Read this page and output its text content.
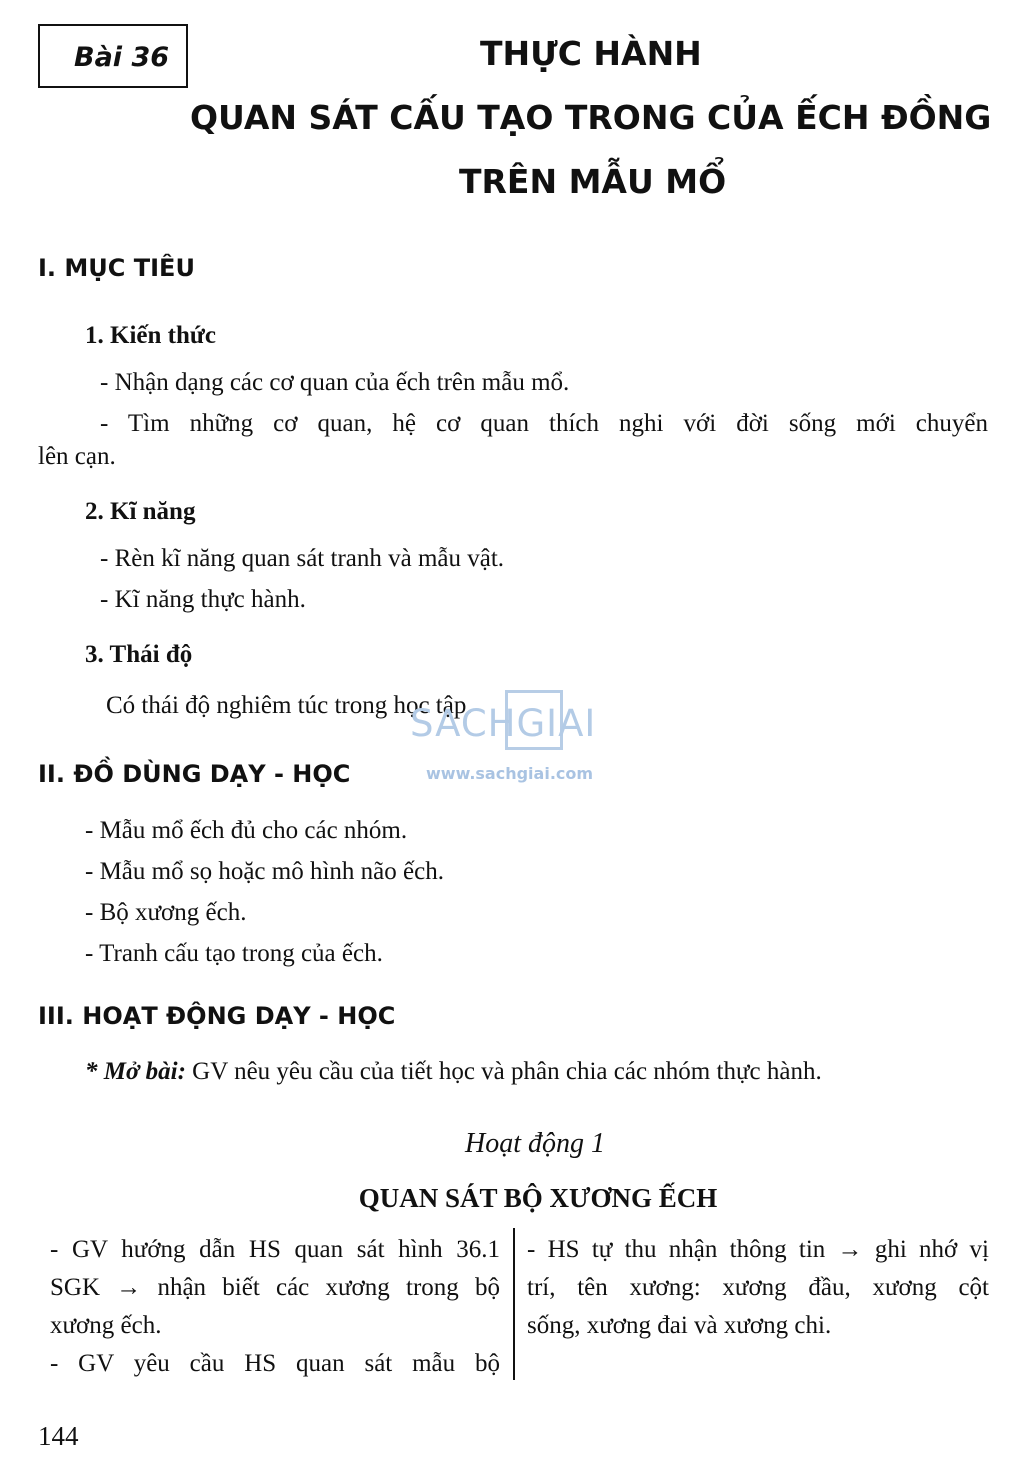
Bài 36	THỰC HÀNH
QUAN SÁT CẤU TẠO TRONG CỦA ẾCH ĐỒNG
TRÊN MẪU MỔ
I. MỤC TIÊU
1. Kiến thức
- Nhận dạng các cơ quan của ếch trên mẫu mổ.
- Tìm những cơ quan, hệ cơ quan thích nghi với đời sống mới chuyển
lên cạn.
2. Kĩ năng
- Rèn kĩ năng quan sát tranh và mẫu vật.
- Kĩ năng thực hành.
3. Thái độ
Có thái độ nghiêm túc trong học tập.
SACHGIAI
www.sachgiai.com
II. ĐỒ DÙNG DẠY - HỌC
- Mẫu mổ ếch đủ cho các nhóm.
- Mẫu mổ sọ hoặc mô hình não ếch.
- Bộ xương ếch.
- Tranh cấu tạo trong của ếch.
III. HOẠT ĐỘNG DẠY - HỌC
* Mở bài: GV nêu yêu cầu của tiết học và phân chia các nhóm thực hành.
Hoạt động 1
QUAN SÁT BỘ XƯƠNG ẾCH
- GV hướng dẫn HS quan sát hình 36.1
SGK → nhận biết các xương trong bộ
xương ếch.
- GV yêu cầu HS quan sát mẫu bộ
- HS tự thu nhận thông tin → ghi nhớ vị
trí, tên xương: xương đầu, xương cột
sống, xương đai và xương chi.
144
